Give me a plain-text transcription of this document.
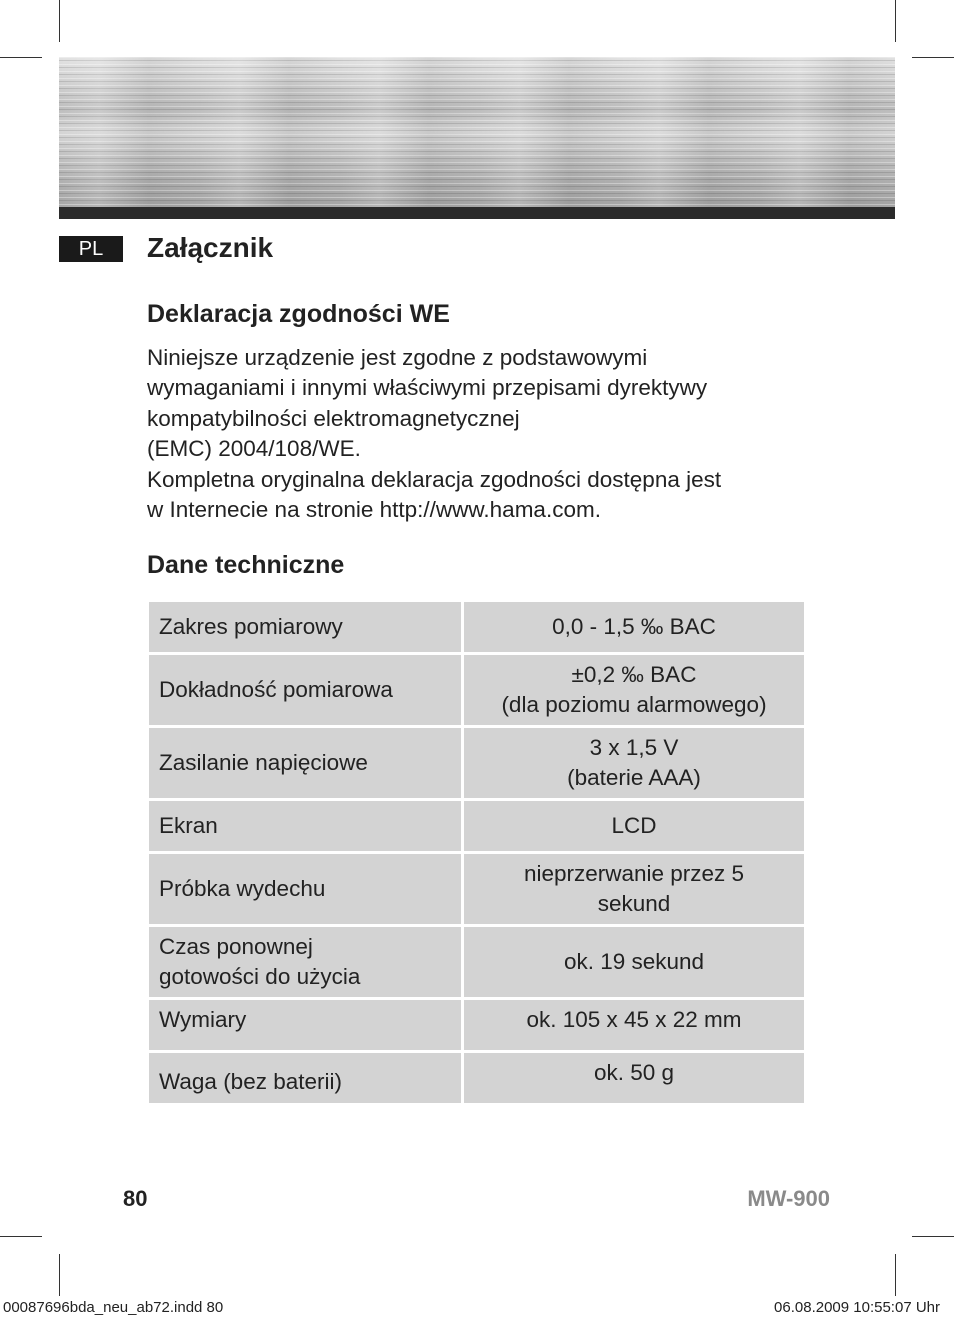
PL	Załącznik
Deklaracja zgodności WE

Niniejsze urządzenie jest zgodne z podstawowymi
wymaganiami i innymi właściwymi przepisami dyrektywy
kompatybilności elektromagnetycznej
(EMC) 2004/108/WE.
Kompletna oryginalna deklaracja zgodności dostępna jest
w Internecie na stronie http://www.hama.com.

Dane techniczne
Zakres pomiarowy	0,0 - 1,5 ‰ BAC

Dokładność pomiarowa	±0,2 ‰ BAC
(dla poziomu alarmowego)

Zasilanie napięciowe	3 x 1,5 V
(baterie AAA)

Ekran	LCD

Próbka wydechu	nieprzerwanie przez 5
sekund

Czas ponownej
gotowości do użycia	ok. 19 sekund

Wymiary	ok. 105 x 45 x 22 mm

Waga (bez baterii)	ok. 50 g
80	MW-900
00087696bda_neu_ab72.indd 80	06.08.2009 10:55:07 Uhr
